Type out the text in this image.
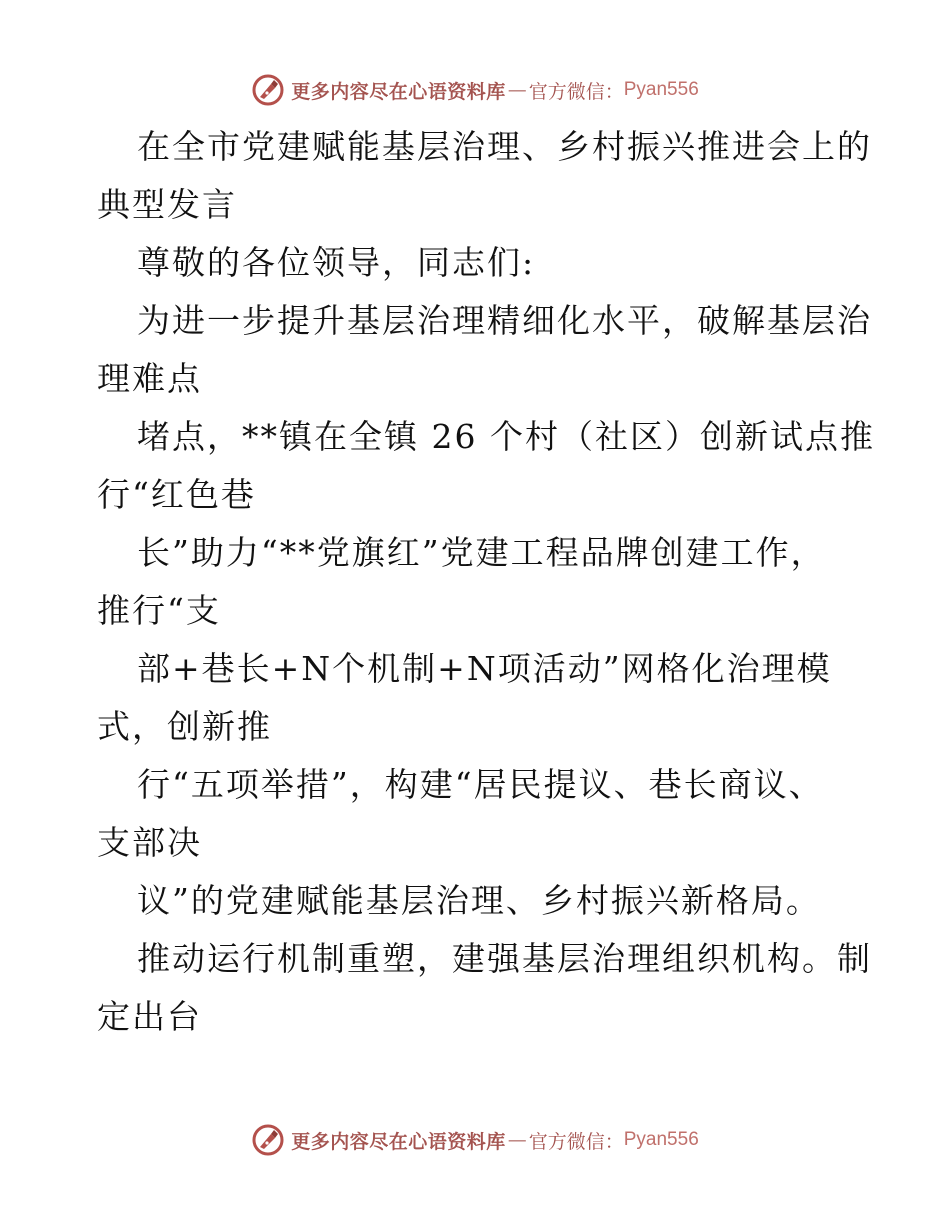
更多内容尽在心语资料库 — 官方微信： Pyan556
在全市党建赋能基层治理、乡村振兴推进会上的
典型发言
尊敬的各位领导，同志们:
为进一步提升基层治理精细化水平，破解基层治
理难点
堵点，**镇在全镇 26 个村（社区）创新试点推
行“红色巷
长”助力“**党旗红”党建工程品牌创建工作，
推行“支
部+巷长+N个机制+N项活动”网格化治理模
式，创新推
行“五项举措”，构建“居民提议、巷长商议、
支部决
议”的党建赋能基层治理、乡村振兴新格局。
推动运行机制重塑，建强基层治理组织机构。制
定出台
更多内容尽在心语资料库 — 官方微信： Pyan556
